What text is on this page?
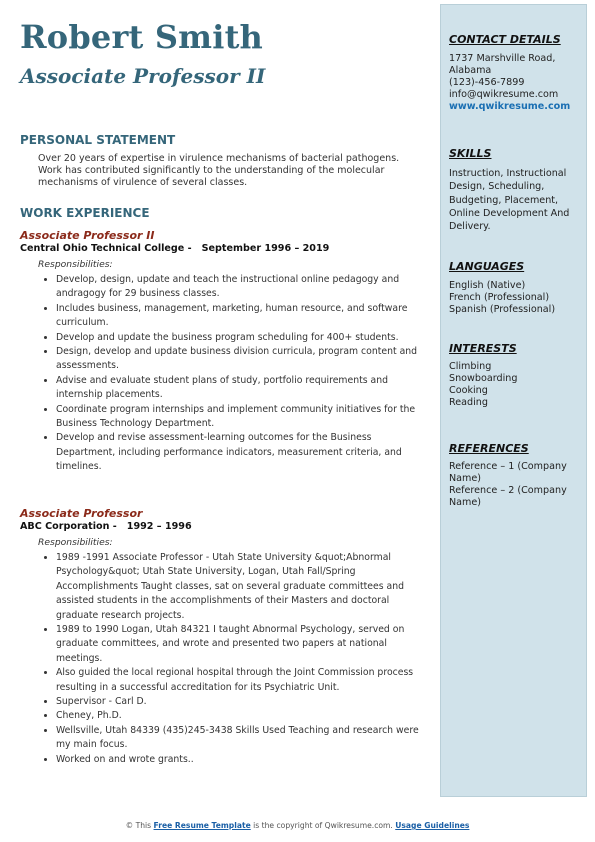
Robert Smith
Associate Professor II
PERSONAL STATEMENT
Over 20 years of expertise in virulence mechanisms of bacterial pathogens. Work has contributed significantly to the understanding of the molecular mechanisms of virulence of several classes.
WORK EXPERIENCE
Associate Professor II
Central Ohio Technical College - September 1996 – 2019
Responsibilities:
Develop, design, update and teach the instructional online pedagogy and andragogy for 29 business classes.
Includes business, management, marketing, human resource, and software curriculum.
Develop and update the business program scheduling for 400+ students.
Design, develop and update business division curricula, program content and assessments.
Advise and evaluate student plans of study, portfolio requirements and internship placements.
Coordinate program internships and implement community initiatives for the Business Technology Department.
Develop and revise assessment-learning outcomes for the Business Department, including performance indicators, measurement criteria, and timelines.
Associate Professor
ABC Corporation - 1992 – 1996
Responsibilities:
1989 -1991 Associate Professor - Utah State University &quot;Abnormal Psychology&quot; Utah State University, Logan, Utah Fall/Spring Accomplishments Taught classes, sat on several graduate committees and assisted students in the accomplishments of their Masters and doctoral graduate research projects.
1989 to 1990 Logan, Utah 84321 I taught Abnormal Psychology, served on graduate committees, and wrote and presented two papers at national meetings.
Also guided the local regional hospital through the Joint Commission process resulting in a successful accreditation for its Psychiatric Unit.
Supervisor - Carl D.
Cheney, Ph.D.
Wellsville, Utah 84339 (435)245-3438 Skills Used Teaching and research were my main focus.
Worked on and wrote grants..
CONTACT DETAILS
1737 Marshville Road,
Alabama
(123)-456-7899
info@qwikresume.com
www.qwikresume.com
SKILLS
Instruction, Instructional Design, Scheduling, Budgeting, Placement, Online Development And Delivery.
LANGUAGES
English (Native)
French (Professional)
Spanish (Professional)
INTERESTS
Climbing
Snowboarding
Cooking
Reading
REFERENCES
Reference – 1 (Company Name)
Reference – 2 (Company Name)
© This Free Resume Template is the copyright of Qwikresume.com. Usage Guidelines
